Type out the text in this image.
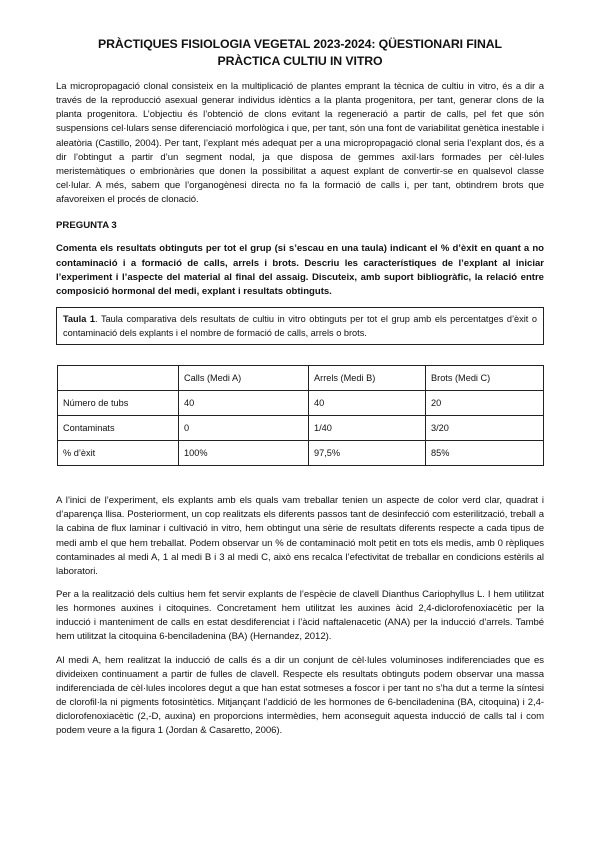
PRÀCTIQUES FISIOLOGIA VEGETAL 2023-2024: QÜESTIONARI FINAL
PRÀCTICA CULTIU IN VITRO

La micropropagació clonal consisteix en la multiplicació de plantes emprant la tècnica de cultiu in vitro, és a dir a través de la reproducció asexual generar individus idèntics a la planta progenitora, per tant, generar clons de la planta progenitora. L’objectiu és l’obtenció de clons evitant la regeneració a partir de calls, pel fet que són suspensions cel·lulars sense diferenciació morfològica i que, per tant, són una font de variabilitat genètica inestable i aleatòria (Castillo, 2004). Per tant, l’explant més adequat per a una micropropagació clonal seria l’explant dos, és a dir l’obtingut a partir d’un segment nodal, ja que disposa de gemmes axil·lars formades per cèl·lules meristemàtiques o embrionàries que donen la possibilitat a aquest explant de convertir-se en qualsevol classe cel·lular. A més, sabem que l’organogènesi directa no fa la formació de calls i, per tant, obtindrem brots que afavoreixen el procés de clonació.

PREGUNTA 3

Comenta els resultats obtinguts per tot el grup (si s’escau en una taula) indicant el % d’èxit en quant a no contaminació i a formació de calls, arrels i brots. Descriu les característiques de l’explant al iniciar l’experiment i l’aspecte del material al final del assaig. Discuteix, amb suport bibliogràfic, la relació entre composició hormonal del medi, explant i resultats obtinguts.

Taula 1. Taula comparativa dels resultats de cultiu in vitro obtinguts per tot el grup amb els percentatges d’èxit o contaminació dels explants i el nombre de formació de calls, arrels o brots.
	Calls (Medi A)	Arrels (Medi B)	Brots (Medi C)
Número de tubs	40	40	20
Contaminats	0	1/40	3/20
% d’èxit	100%	97,5%	85%

A l’inici de l’experiment, els explants amb els quals vam treballar tenien un aspecte de color verd clar, quadrat i d’aparença llisa. Posteriorment, un cop realitzats els diferents passos tant de desinfecció com esterilització, treball a la cabina de flux laminar i cultivació in vitro, hem obtingut una sèrie de resultats diferents respecte a cada tipus de medi amb el que hem treballat. Podem observar un % de contaminació molt petit en tots els medis, amb 0 rèpliques contaminades al medi A, 1 al medi B i 3 al medi C, això ens recalca l’efectivitat de treballar en condicions estèrils al laboratori.

Per a la realització dels cultius hem fet servir explants de l’espècie de clavell Dianthus Cariophyllus L. I hem utilitzat les hormones auxines i citoquines. Concretament hem utilitzat les auxines àcid 2,4-diclorofenoxiacètic per la inducció i manteniment de calls en estat desdiferenciat i l’àcid naftalenacetic (ANA) per la inducció d’arrels. També hem utilitzat la citoquina 6-benciladenina (BA) (Hernandez, 2012).

Al medi A, hem realitzat la inducció de calls és a dir un conjunt de cèl·lules voluminoses indiferenciades que es divideixen continuament a partir de fulles de clavell. Respecte els resultats obtinguts podem observar una massa indiferenciada de cèl·lules incolores degut a que han estat sotmeses a foscor i per tant no s’ha dut a terme la síntesi de clorofil·la ni pigments fotosintètics. Mitjançant l’addició de les hormones de 6-benciladenina (BA, citoquina) i 2,4-diclorofenoxiacètic (2,-D, auxina) en proporcions intermèdies, hem aconseguit aquesta inducció de calls tal i com podem veure a la figura 1 (Jordan & Casaretto, 2006).
